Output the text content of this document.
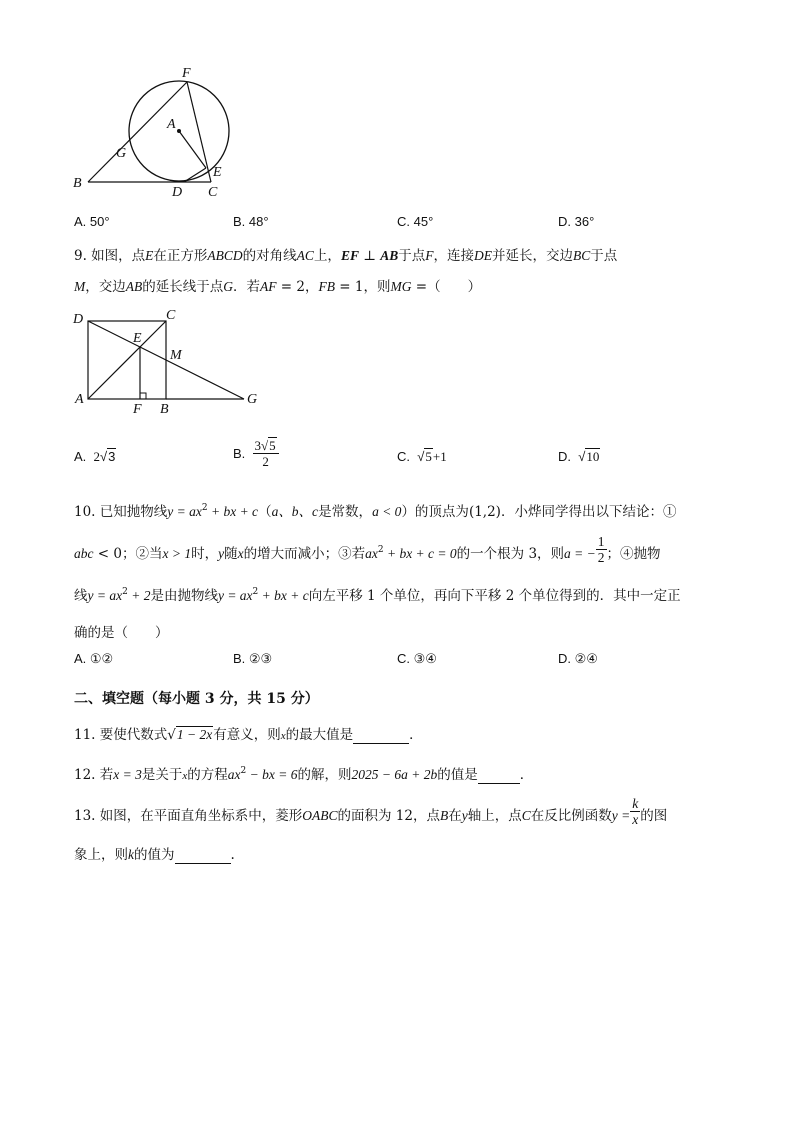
F
A
G
E
B
D C
A. 50°	B. 48°	C. 45°	D. 36°
9. 如图，点E在正方形ABCD的对角线AC上，EF ⊥ AB于点F，连接DE并延长，交边BC于点
M，交边AB的延长线于点G．若AF = 2，FB = 1，则MG =（　　）
D	C
E
M
A
F B
G
A. 2√3	B. $\frac{3√5}{2}$	C. √5+1	D. √10
10. 已知抛物线$y = ax^2$ + bx + c（a、b、c是常数，a < 0）的顶点为(1,2)．小烨同学得出以下结论：①
abc < 0；②当x > 1时，y随x的增大而减小；③若$ax^2$ + bx + c = 0的一个根为 3，则a = − $\frac{1}{2}$ ；④抛物
线$y = ax^2 + 2$是由抛物线$y = ax^2$ + bx + c向左平移 1 个单位，再向下平移 2 个单位得到的．其中一定正
确的是（　　）
A. ①②	B. ②③	C. ③④	D. ②④
二、填空题（每小题 3 分，共 15 分）
11. 要使代数式√1 − 2x有意义，则x的最大值是	．
12. 若x = 3是关于x的方程$ax^2$ − bx = 6的解，则2025 − 6a + 2b的值是	．
13. 如图，在平面直角坐标系中，菱形OABC的面积为 12，点B在y轴上，点C在反比例函数$y = \frac{k}{x}$ 的图
象上，则k的值为	.
